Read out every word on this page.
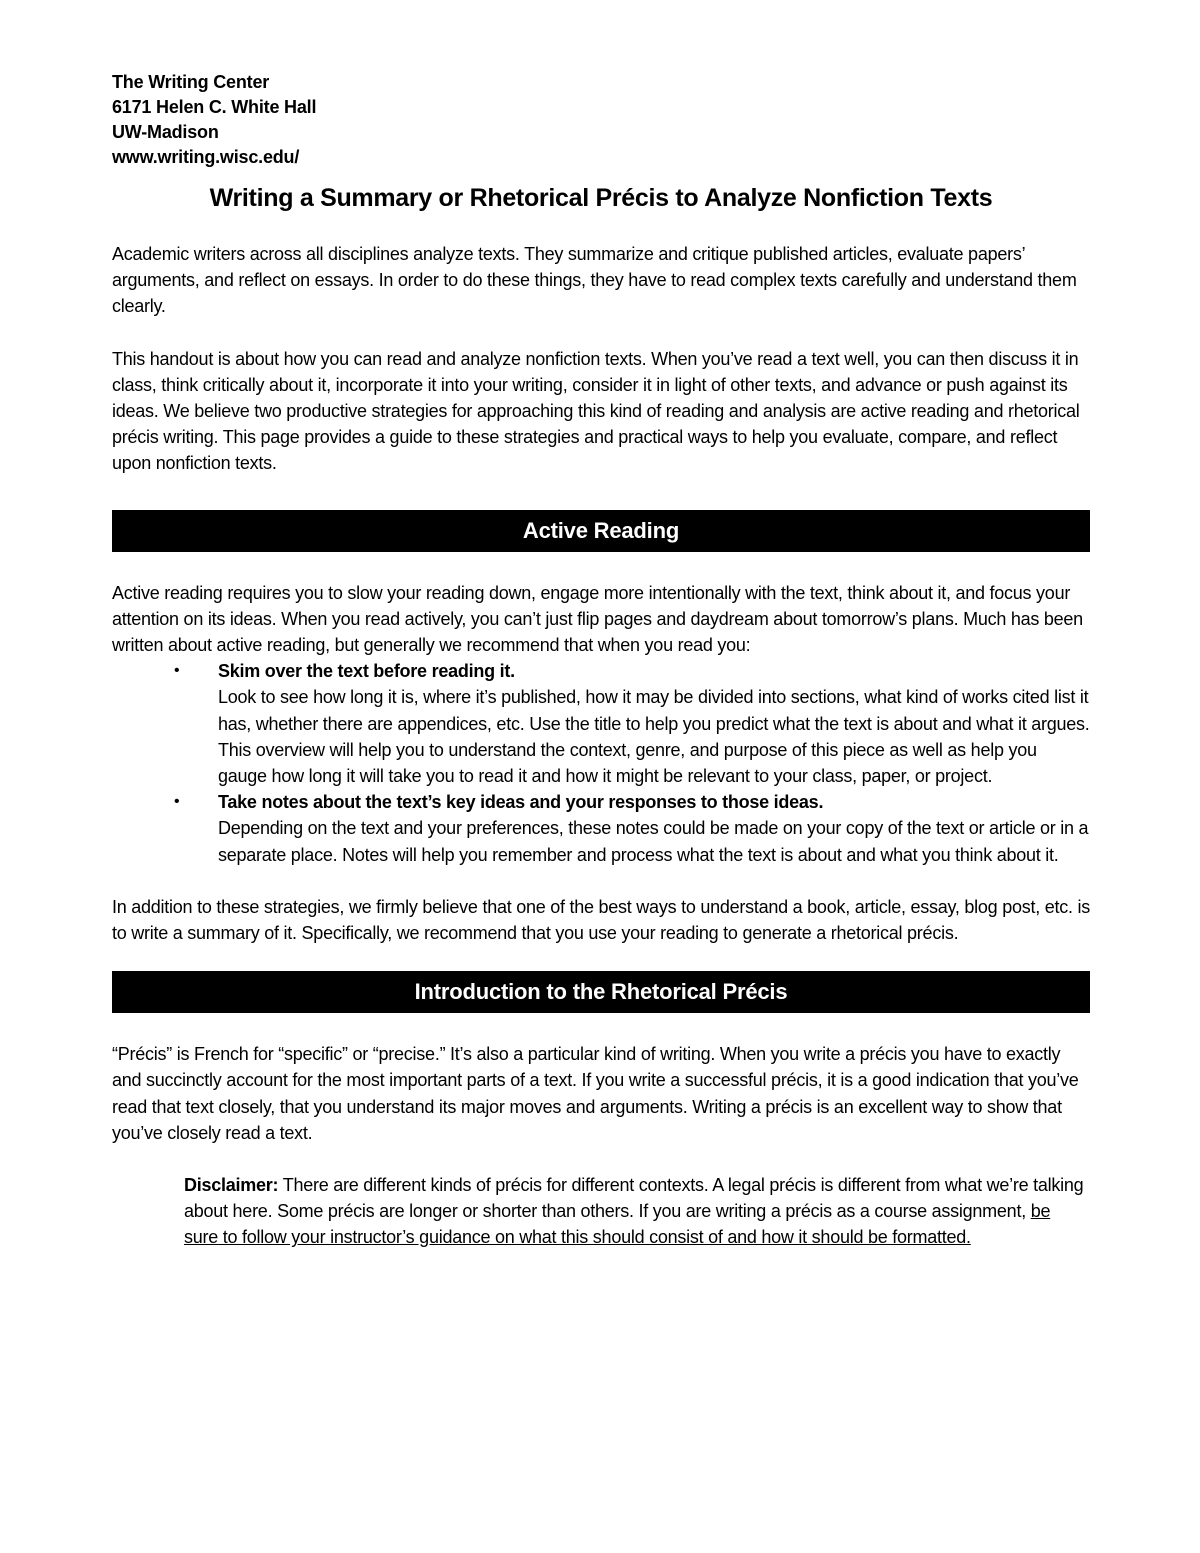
The Writing Center
6171 Helen C. White Hall
UW-Madison
www.writing.wisc.edu/
Writing a Summary or Rhetorical Précis to Analyze Nonfiction Texts

Academic writers across all disciplines analyze texts. They summarize and critique published articles, evaluate papers’ arguments, and reflect on essays. In order to do these things, they have to read complex texts carefully and understand them clearly.

This handout is about how you can read and analyze nonfiction texts. When you’ve read a text well, you can then discuss it in class, think critically about it, incorporate it into your writing, consider it in light of other texts, and advance or push against its ideas. We believe two productive strategies for approaching this kind of reading and analysis are active reading and rhetorical précis writing. This page provides a guide to these strategies and practical ways to help you evaluate, compare, and reflect upon nonfiction texts.

Active Reading

Active reading requires you to slow your reading down, engage more intentionally with the text, think about it, and focus your attention on its ideas. When you read actively, you can’t just flip pages and daydream about tomorrow’s plans. Much has been written about active reading, but generally we recommend that when you read you:

• Skim over the text before reading it.
Look to see how long it is, where it’s published, how it may be divided into sections, what kind of works cited list it has, whether there are appendices, etc. Use the title to help you predict what the text is about and what it argues. This overview will help you to understand the context, genre, and purpose of this piece as well as help you gauge how long it will take you to read it and how it might be relevant to your class, paper, or project.
• Take notes about the text’s key ideas and your responses to those ideas.
Depending on the text and your preferences, these notes could be made on your copy of the text or article or in a separate place. Notes will help you remember and process what the text is about and what you think about it.

In addition to these strategies, we firmly believe that one of the best ways to understand a book, article, essay, blog post, etc. is to write a summary of it. Specifically, we recommend that you use your reading to generate a rhetorical précis.

Introduction to the Rhetorical Précis

“Précis” is French for “specific” or “precise.” It’s also a particular kind of writing. When you write a précis you have to exactly and succinctly account for the most important parts of a text. If you write a successful précis, it is a good indication that you’ve read that text closely, that you understand its major moves and arguments. Writing a précis is an excellent way to show that you’ve closely read a text.

Disclaimer: There are different kinds of précis for different contexts. A legal précis is different from what we’re talking about here. Some précis are longer or shorter than others. If you are writing a précis as a course assignment, be sure to follow your instructor’s guidance on what this should consist of and how it should be formatted.
